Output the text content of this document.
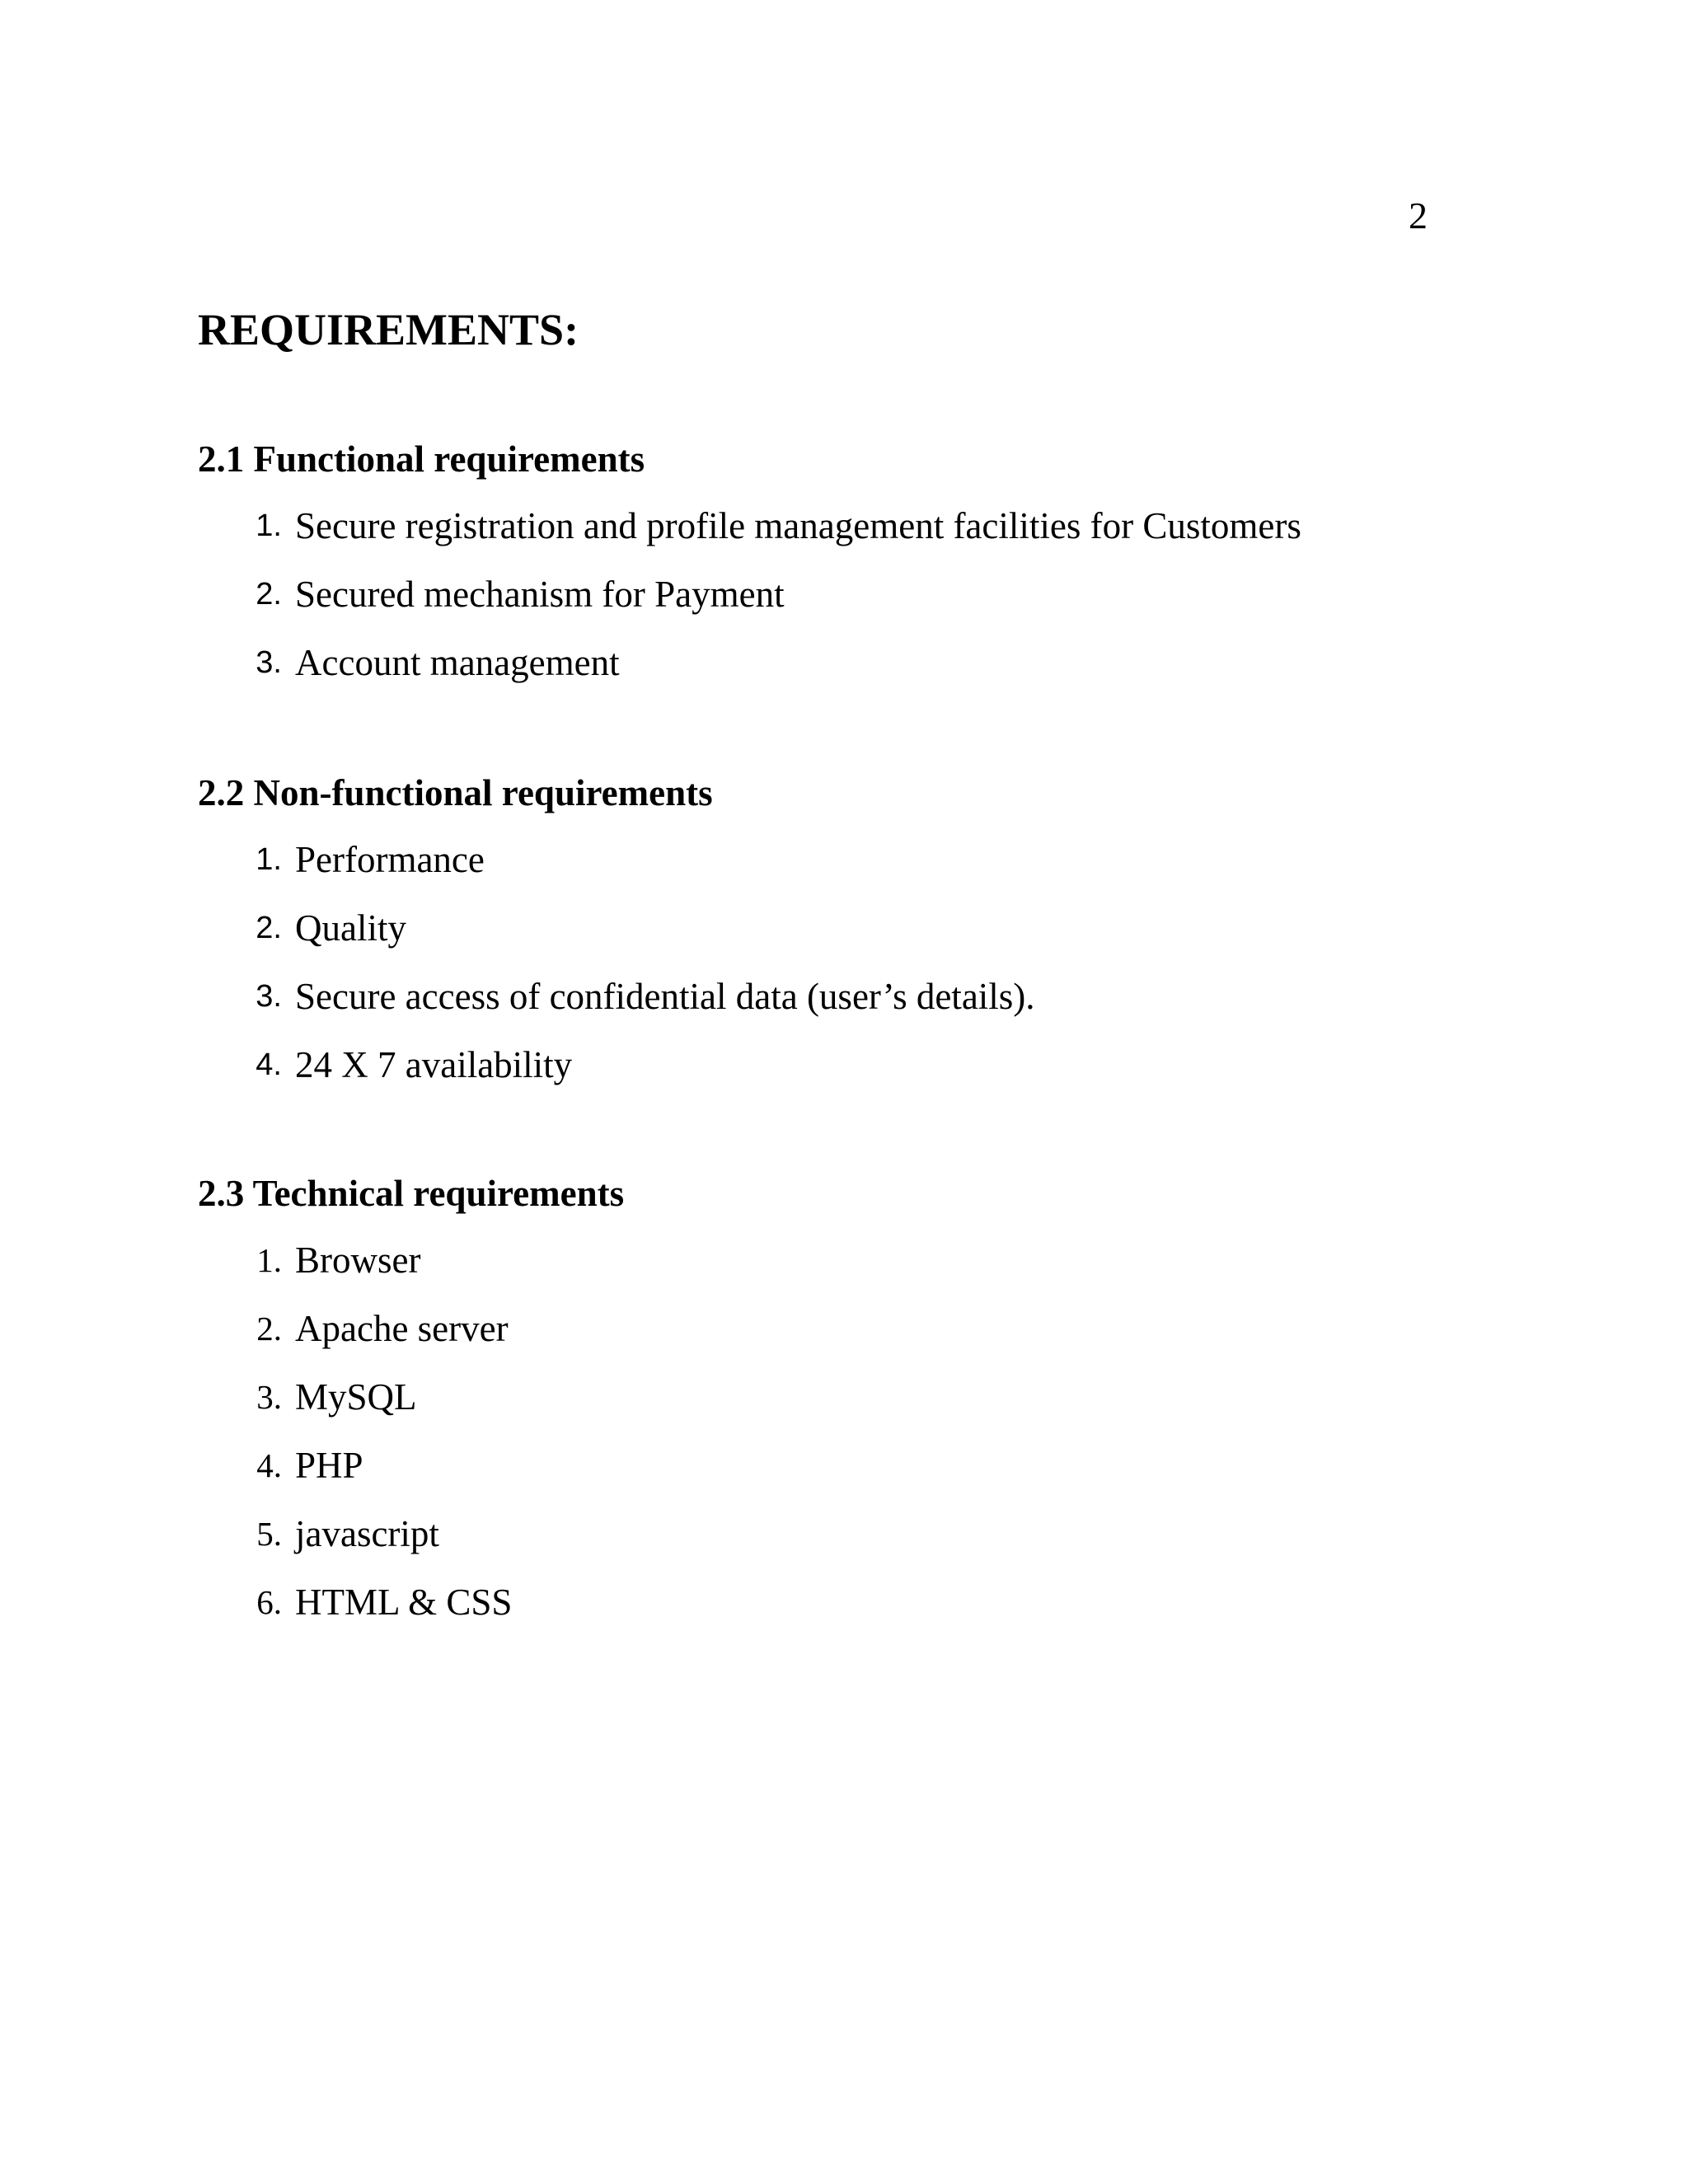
2
REQUIREMENTS:
2.1 Functional requirements
1. Secure registration and profile management facilities for Customers
2. Secured mechanism for Payment
3. Account management
2.2 Non-functional requirements
1. Performance
2. Quality
3. Secure access of confidential data (user’s details).
4. 24 X 7 availability
2.3 Technical requirements
1. Browser
2. Apache server
3. MySQL
4. PHP
5. javascript
6. HTML & CSS
